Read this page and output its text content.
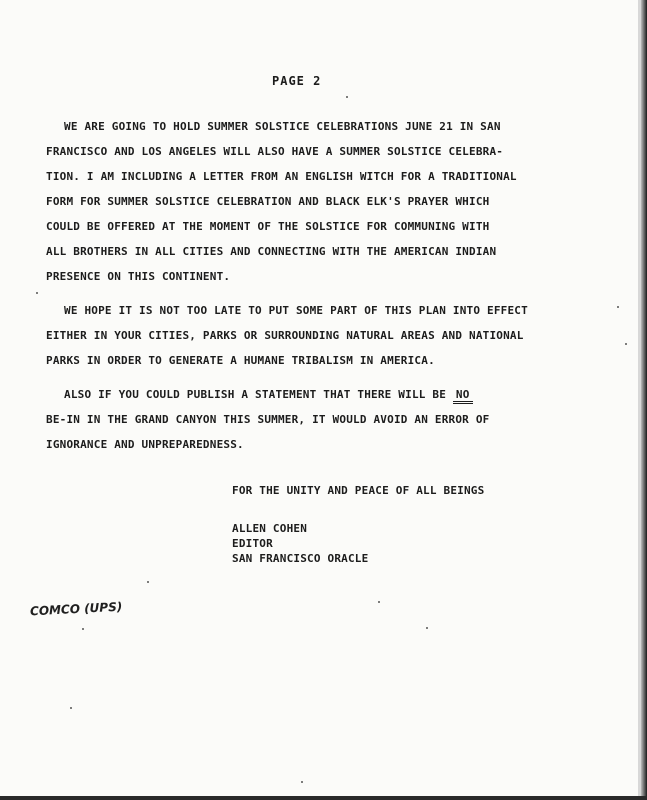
PAGE 2
WE ARE GOING TO HOLD SUMMER SOLSTICE CELEBRATIONS JUNE 21 IN SAN
FRANCISCO AND LOS ANGELES WILL ALSO HAVE A SUMMER SOLSTICE CELEBRA-
TION. I AM INCLUDING A LETTER FROM AN ENGLISH WITCH FOR A TRADITIONAL
FORM FOR SUMMER SOLSTICE CELEBRATION AND BLACK ELK'S PRAYER WHICH
COULD BE OFFERED AT THE MOMENT OF THE SOLSTICE FOR COMMUNING WITH
ALL BROTHERS IN ALL CITIES AND CONNECTING WITH THE AMERICAN INDIAN
PRESENCE ON THIS CONTINENT.
WE HOPE IT IS NOT TOO LATE TO PUT SOME PART OF THIS PLAN INTO EFFECT
EITHER IN YOUR CITIES, PARKS OR SURROUNDING NATURAL AREAS AND NATIONAL
PARKS IN ORDER TO GENERATE A HUMANE TRIBALISM IN AMERICA.
ALSO IF YOU COULD PUBLISH A STATEMENT THAT THERE WILL BE NO
BE-IN IN THE GRAND CANYON THIS SUMMER, IT WOULD AVOID AN ERROR OF
IGNORANCE AND UNPREPAREDNESS.
FOR THE UNITY AND PEACE OF ALL BEINGS
ALLEN COHEN
EDITOR
SAN FRANCISCO ORACLE
COMCO (UPS)
